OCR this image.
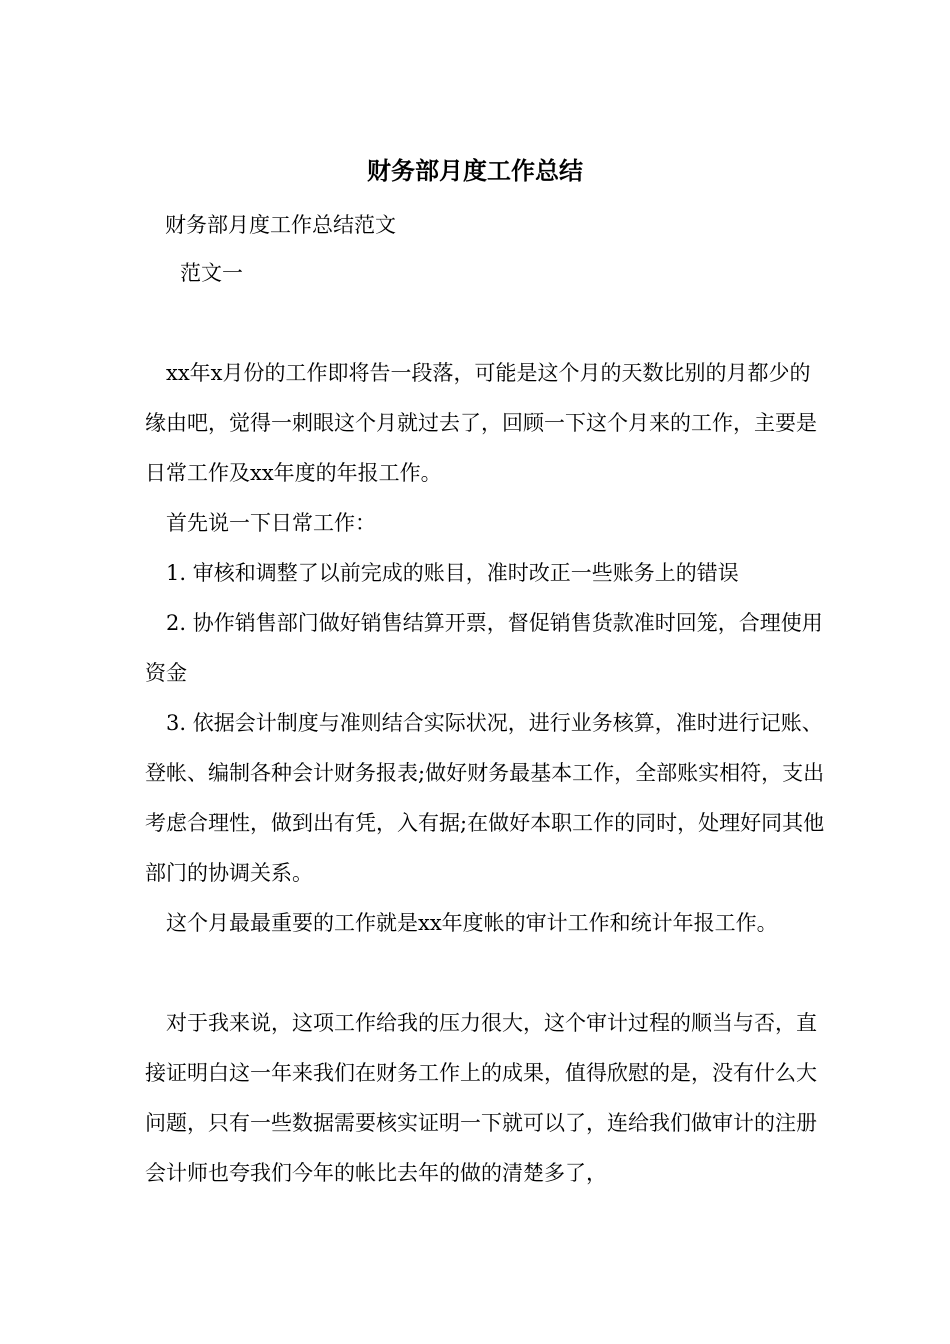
财务部月度工作总结

财务部月度工作总结范文

范文一

xx年x月份的工作即将告一段落，可能是这个月的天数比别的月都少的缘由吧，觉得一刺眼这个月就过去了，回顾一下这个月来的工作，主要是日常工作及xx年度的年报工作。

首先说一下日常工作：

1. 审核和调整了以前完成的账目，准时改正一些账务上的错误

2. 协作销售部门做好销售结算开票，督促销售货款准时回笼，合理使用资金

3. 依据会计制度与准则结合实际状况，进行业务核算，准时进行记账、登帐、编制各种会计财务报表;做好财务最基本工作，全部账实相符，支出考虑合理性，做到出有凭，入有据;在做好本职工作的同时，处理好同其他部门的协调关系。

这个月最最重要的工作就是xx年度帐的审计工作和统计年报工作。

对于我来说，这项工作给我的压力很大，这个审计过程的顺当与否，直接证明白这一年来我们在财务工作上的成果，值得欣慰的是，没有什么大问题，只有一些数据需要核实证明一下就可以了，连给我们做审计的注册会计师也夸我们今年的帐比去年的做的清楚多了，
